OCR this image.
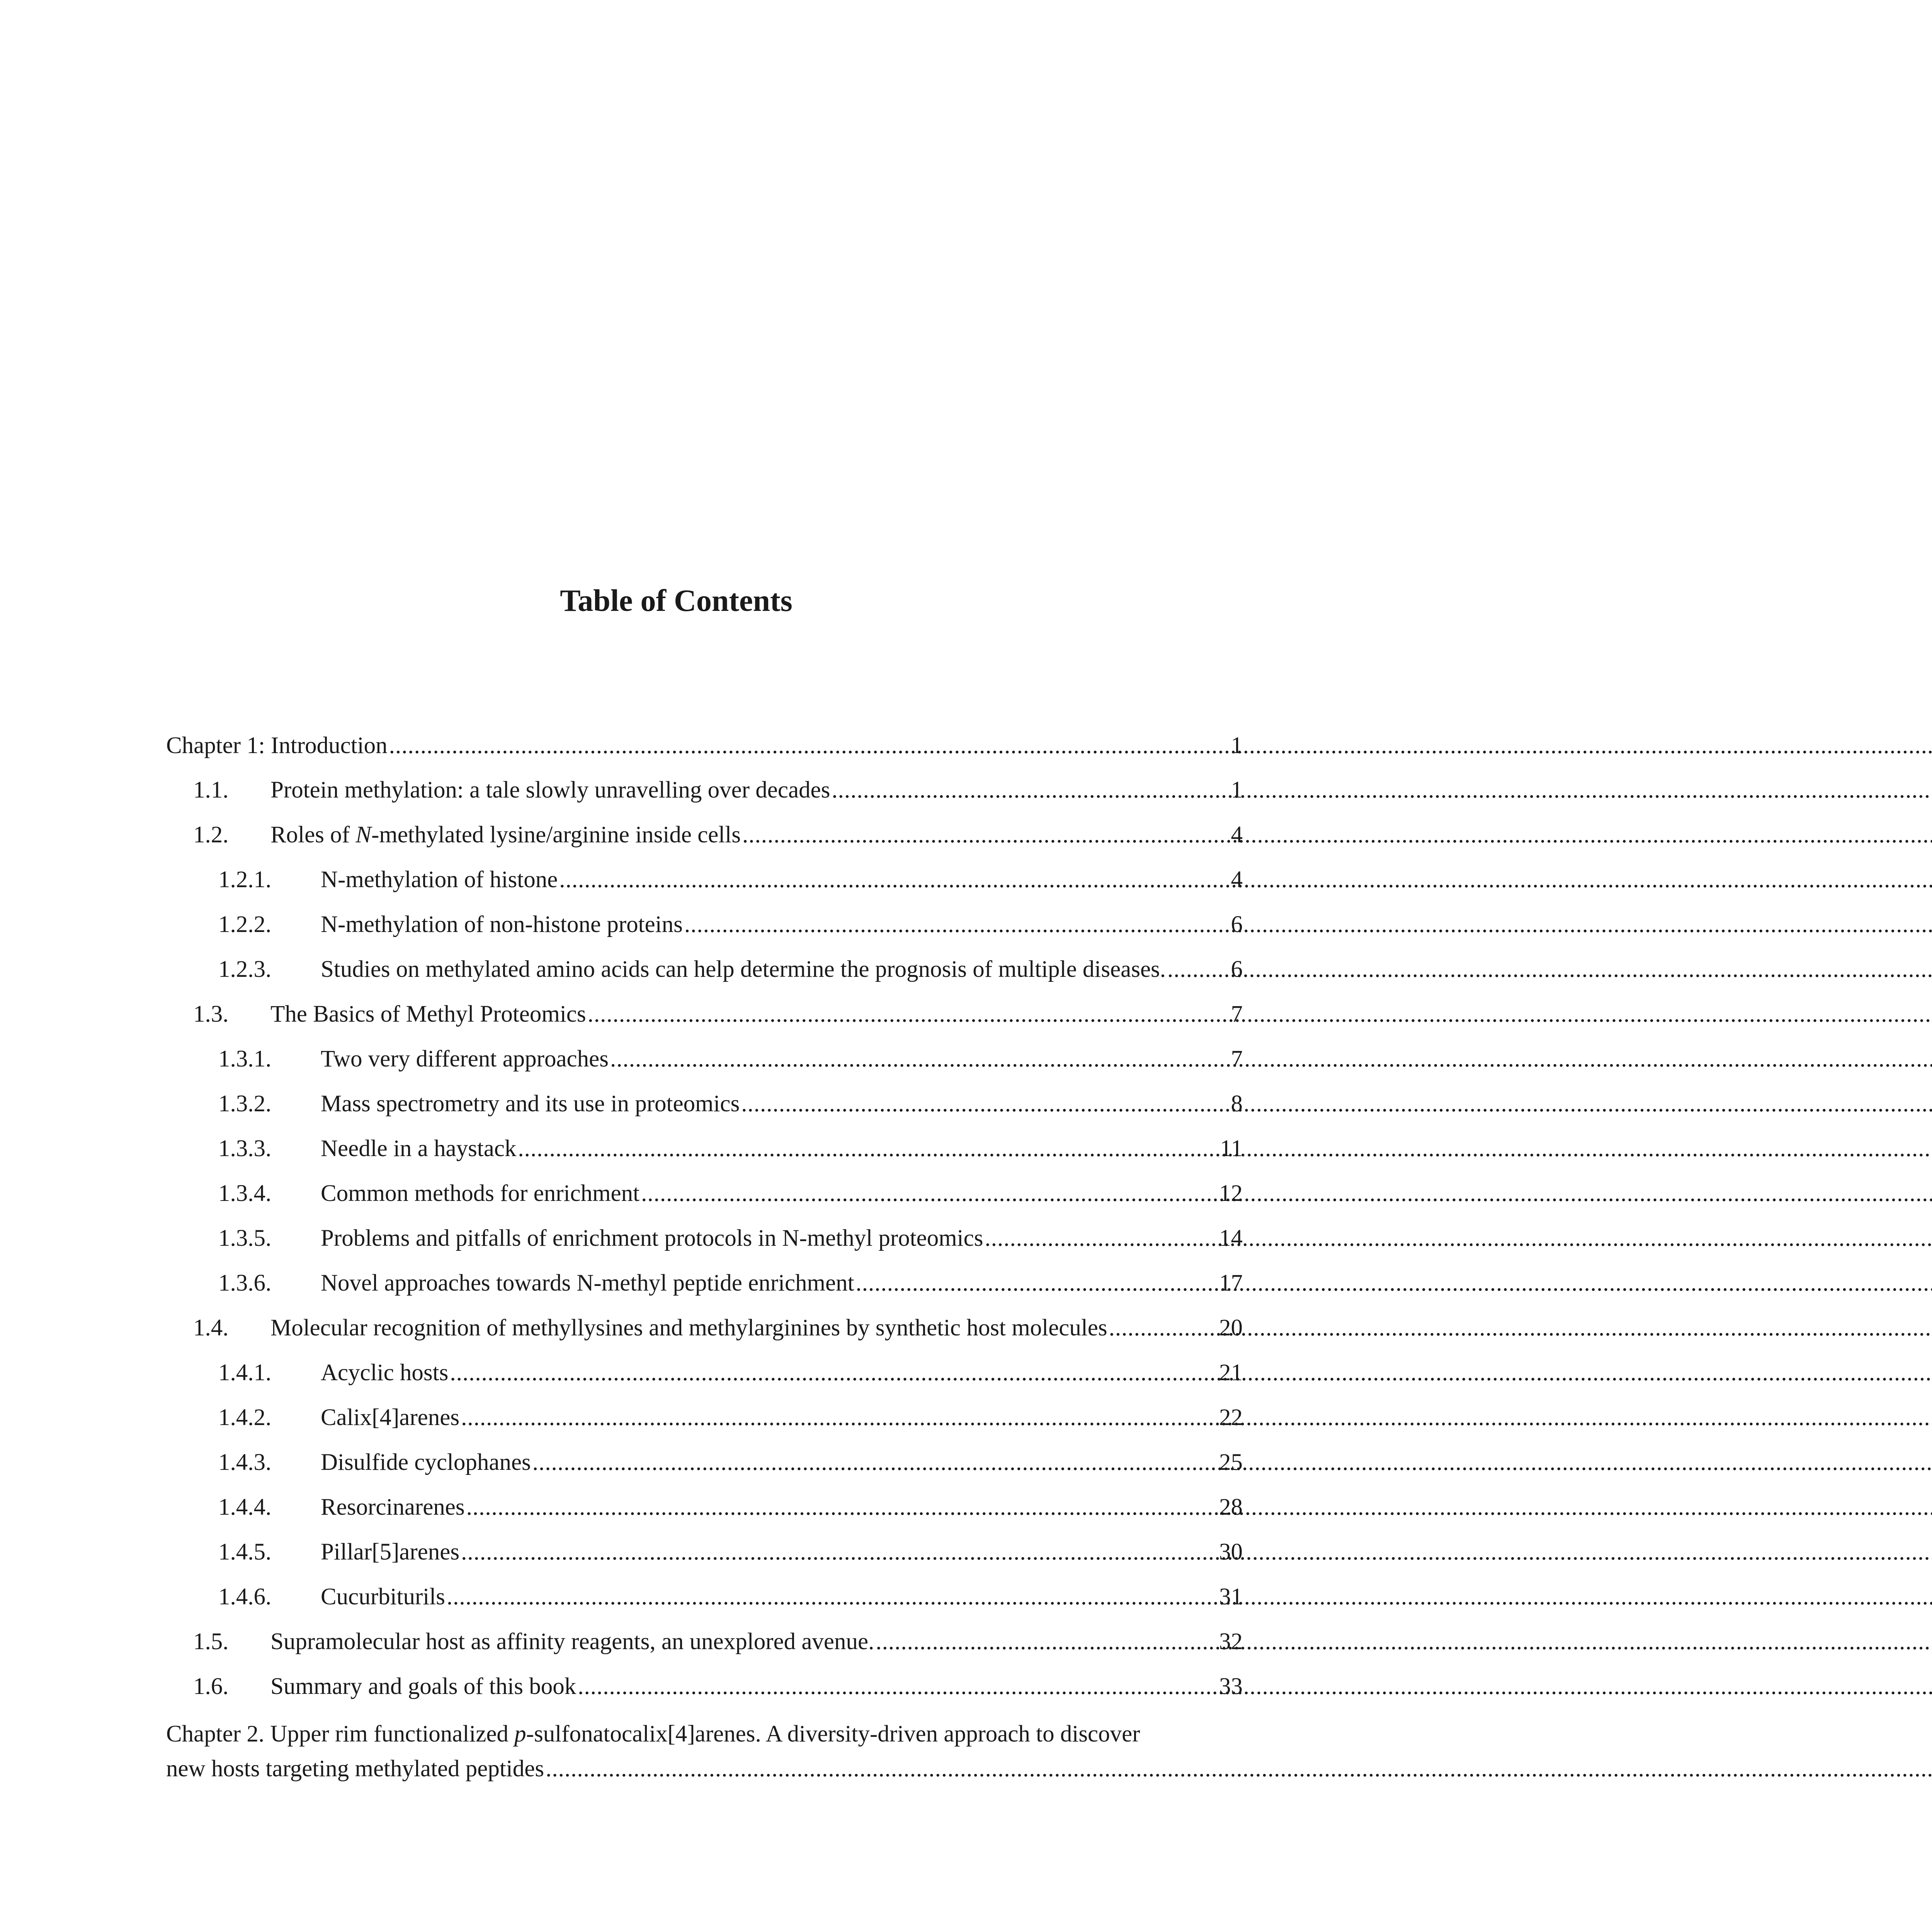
Table of Contents
Chapter 1: Introduction .....	1
1.1.	Protein methylation: a tale slowly unravelling over decades .....	1
1.2.	Roles of N-methylated lysine/arginine inside cells .....	4
1.2.1.	N-methylation of histone .....	4
1.2.2.	N-methylation of non-histone proteins .....	6
1.2.3.	Studies on methylated amino acids can help determine the prognosis of multiple diseases. .....	6
1.3.	The Basics of Methyl Proteomics .....	7
1.3.1.	Two very different approaches .....	7
1.3.2.	Mass spectrometry and its use in proteomics .....	8
1.3.3.	Needle in a haystack .....	11
1.3.4.	Common methods for enrichment .....	12
1.3.5.	Problems and pitfalls of enrichment protocols in N-methyl proteomics .....	14
1.3.6.	Novel approaches towards N-methyl peptide enrichment .....	17
1.4.	Molecular recognition of methyllysines and methylarginines by synthetic host molecules .....	20
1.4.1.	Acyclic hosts .....	21
1.4.2.	Calix[4]arenes .....	22
1.4.3.	Disulfide cyclophanes .....	25
1.4.4.	Resorcinarenes .....	28
1.4.5.	Pillar[5]arenes .....	30
1.4.6.	Cucurbiturils .....	31
1.5.	Supramolecular host as affinity reagents, an unexplored avenue. .....	32
1.6.	Summary and goals of this book .....	33
Chapter 2. Upper rim functionalized p-sulfonatocalix[4]arenes. A diversity-driven approach to discover
new hosts targeting methylated peptides
.....
